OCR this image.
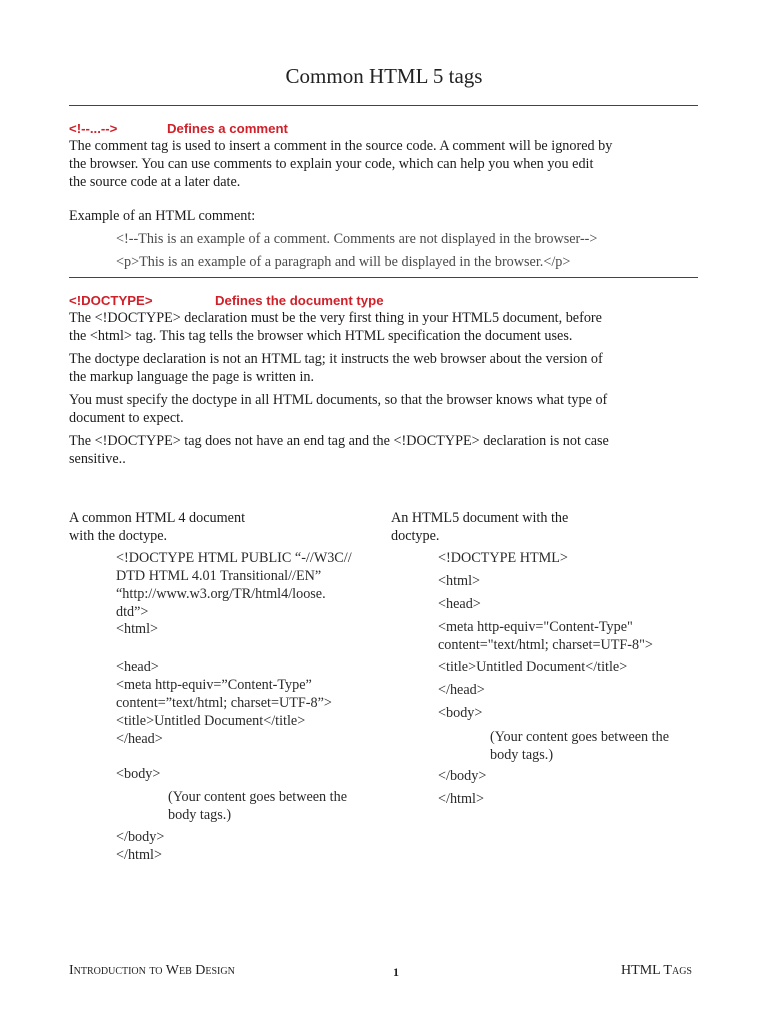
Common HTML 5 tags
<!--...-->	Defines a comment
The comment tag is used to insert a comment in the source code. A comment will be ignored by the browser. You can use comments to explain your code, which can help you when you edit the source code at a later date.
Example of an HTML comment:
<!--This is an example of a comment. Comments are not displayed in the browser-->
<p>This is an example of a paragraph and will be displayed in the browser.</p>
<!DOCTYPE>	Defines the document type

The <!DOCTYPE> declaration must be the very first thing in your HTML5 document, before the <html> tag. This tag tells the browser which HTML specification the document uses.

The doctype declaration is not an HTML tag; it instructs the web browser about the version of the markup language the page is written in.

You must specify the doctype in all HTML documents, so that the browser knows what type of document to expect.

The <!DOCTYPE> tag does not have an end tag and the <!DOCTYPE> declaration is not case sensitive..

A common HTML 4 document
with the doctype.
<!DOCTYPE HTML PUBLIC “-//W3C//
DTD HTML 4.01 Transitional//EN”
“http://www.w3.org/TR/html4/loose.
dtd”>
<html>
<head>
<meta http-equiv=”Content-Type”
content=”text/html; charset=UTF-8”>
<title>Untitled Document</title>
</head>
<body>
(Your content goes between the
body tags.)
</body>
</html>
An HTML5 document with the
doctype.
<!DOCTYPE HTML>
<html>
<head>
<meta http-equiv="Content-Type"
content="text/html; charset=UTF-8">
<title>Untitled Document</title>
</head>
<body>
(Your content goes between the
body tags.)
</body>
</html>
Introduction to Web Design	1	HTML Tags
